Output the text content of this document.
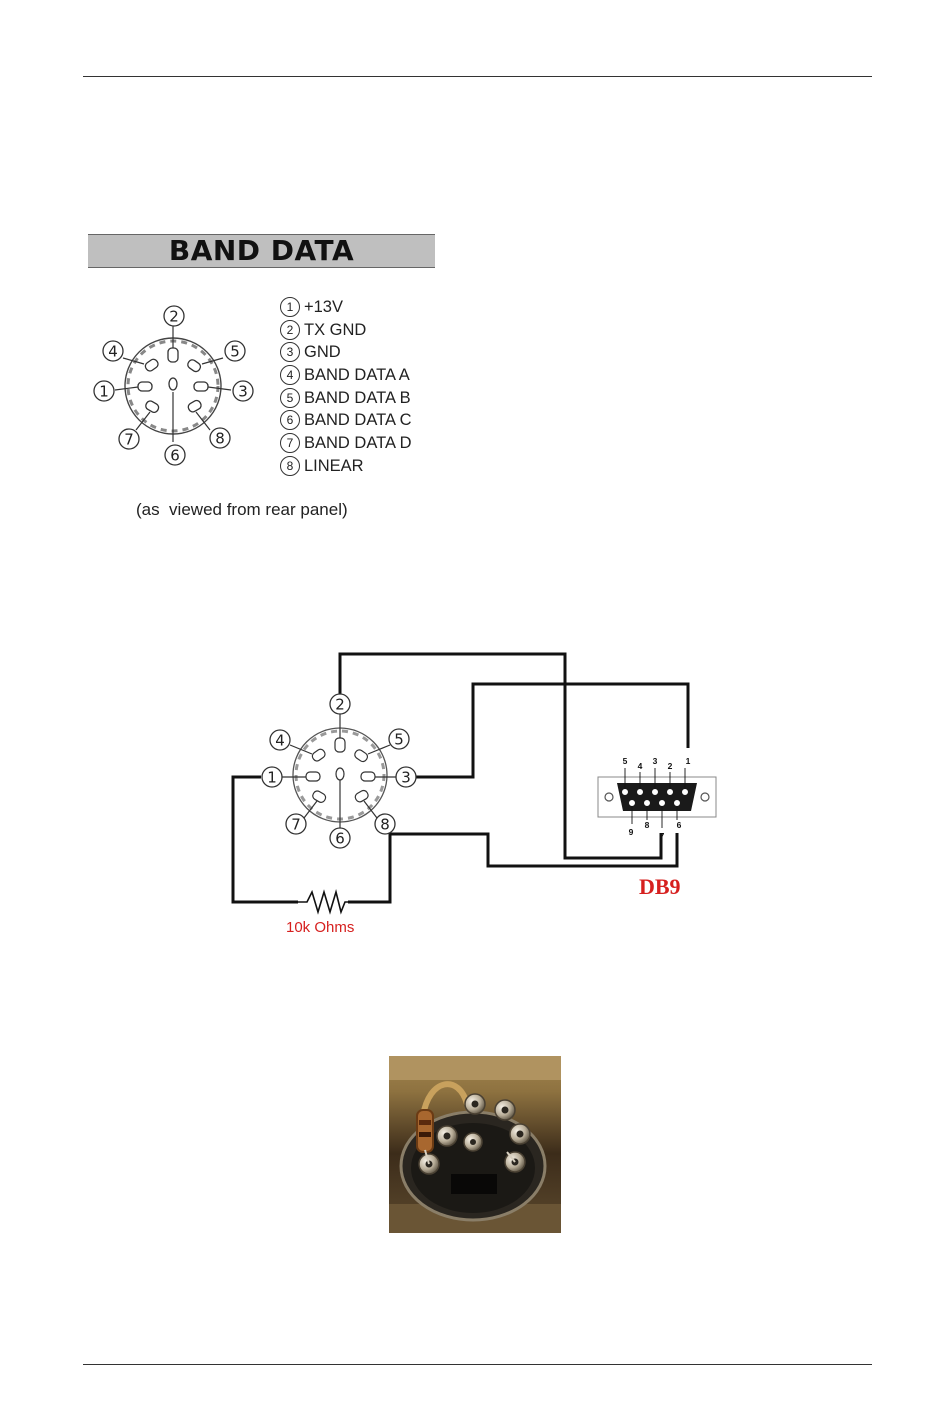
2
4	5
1	3
7	8
6
BAND DATA
1 +13V
2 TX GND
3 GND
4 BAND DATA A
5 BAND DATA B
6 BAND DATA C
7 BAND DATA D
8 LINEAR
(as  viewed from rear panel)
2
4	5
1	3
7	8
6
5 4 3 2 1
9
8
7
6
DB9
10k Ohms
